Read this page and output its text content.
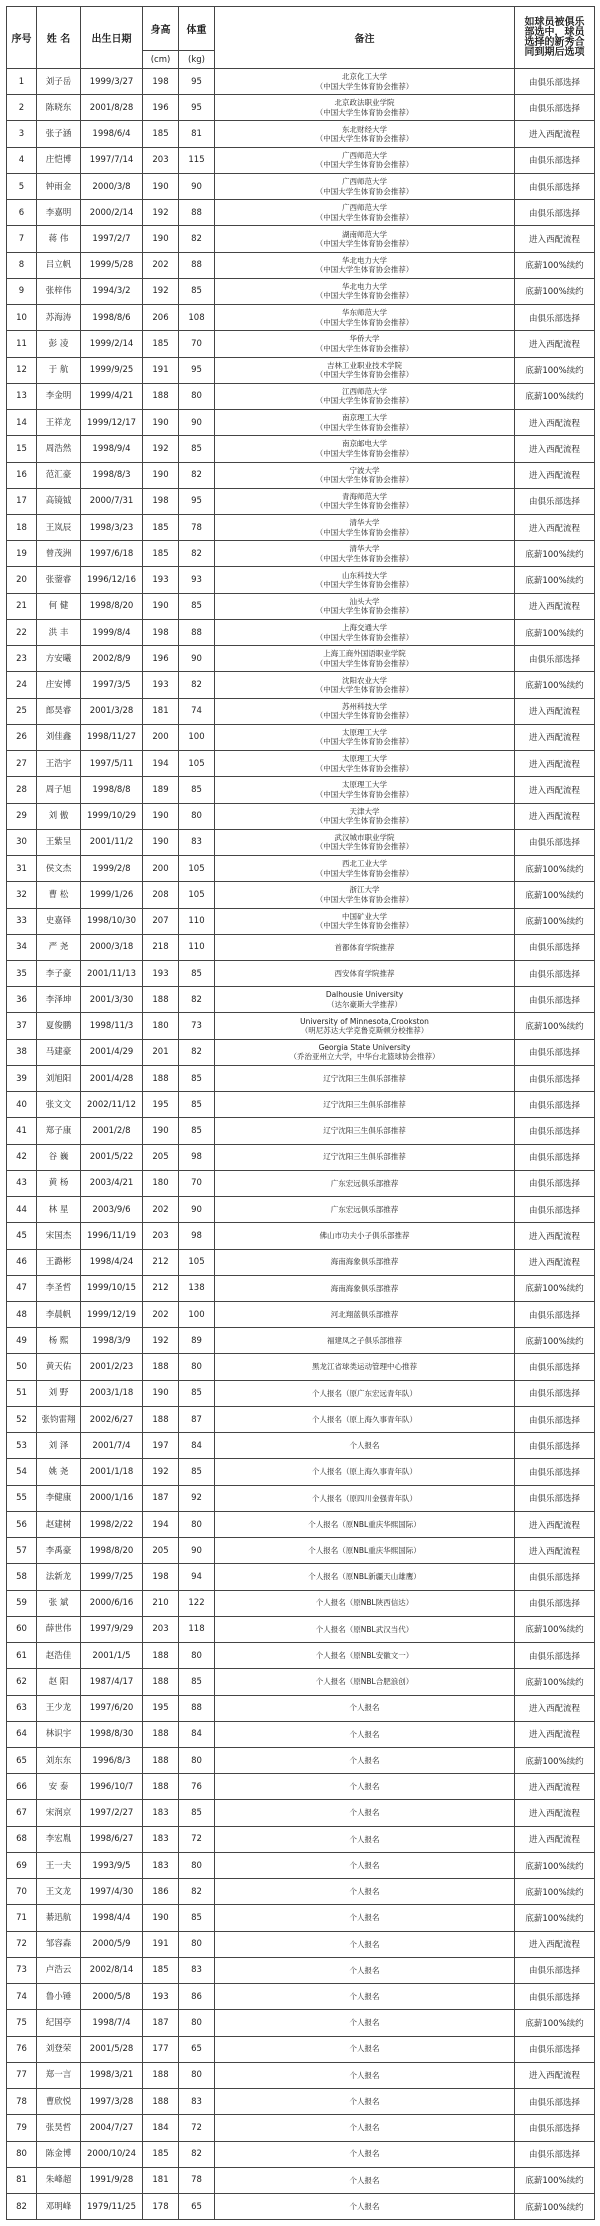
序号	姓 名	出生日期	身高	体重	备注	如球员被俱乐
部选中，球员
选择的新秀合
同到期后选项

			(cm)	(kg)		
1	刘子岳	1999/3/27	198	95	北京化工大学
（中国大学生体育协会推荐）	由俱乐部选择
2	陈晓东	2001/8/28	196	95	北京政法职业学院
（中国大学生体育协会推荐）	由俱乐部选择
3	张子涵	1998/6/4	185	81	东北财经大学
（中国大学生体育协会推荐）	进入西配流程
4	庄恺博	1997/7/14	203	115	广西师范大学
（中国大学生体育协会推荐）	由俱乐部选择
5	钟雨金	2000/3/8	190	90	广西师范大学
（中国大学生体育协会推荐）	由俱乐部选择
6	李嘉明	2000/2/14	192	88	广西师范大学
（中国大学生体育协会推荐）	由俱乐部选择
7	蒋 伟	1997/2/7	190	82	湖南师范大学
（中国大学生体育协会推荐）	进入西配流程
8	吕立帆	1999/5/28	202	88	华北电力大学
（中国大学生体育协会推荐）	底薪100%续约
9	张梓伟	1994/3/2	192	85	华北电力大学
（中国大学生体育协会推荐）	底薪100%续约
10	苏海涛	1998/8/6	206	108	华东师范大学
（中国大学生体育协会推荐）	由俱乐部选择
11	彭 凌	1999/2/14	185	70	华侨大学
（中国大学生体育协会推荐）	进入西配流程
12	于 航	1999/9/25	191	95	吉林工业职业技术学院
（中国大学生体育协会推荐）	底薪100%续约
13	李金明	1999/4/21	188	80	江西师范大学
（中国大学生体育协会推荐）	底薪100%续约
14	王祥龙	1999/12/17	190	90	南京理工大学
（中国大学生体育协会推荐）	进入西配流程
15	周浩然	1998/9/4	192	85	南京邮电大学
（中国大学生体育协会推荐）	进入西配流程
16	范汇豪	1998/8/3	190	82	宁波大学
（中国大学生体育协会推荐）	进入西配流程
17	高镜钺	2000/7/31	198	95	青海师范大学
（中国大学生体育协会推荐）	由俱乐部选择
18	王岚辰	1998/3/23	185	78	清华大学
（中国大学生体育协会推荐）	进入西配流程
19	曾茂洲	1997/6/18	185	82	清华大学
（中国大学生体育协会推荐）	底薪100%续约
20	张蓥睿	1996/12/16	193	93	山东科技大学
（中国大学生体育协会推荐）	底薪100%续约
21	何 健	1998/8/20	190	85	汕头大学
（中国大学生体育协会推荐）	进入西配流程
22	洪 丰	1999/8/4	198	88	上海交通大学
（中国大学生体育协会推荐）	底薪100%续约
23	方安曦	2002/8/9	196	90	上海工商外国语职业学院
（中国大学生体育协会推荐）	由俱乐部选择
24	庄安博	1997/3/5	193	82	沈阳农业大学
（中国大学生体育协会推荐）	底薪100%续约
25	郎昊睿	2001/3/28	181	74	苏州科技大学
（中国大学生体育协会推荐）	进入西配流程
26	刘佳鑫	1998/11/27	200	100	太原理工大学
（中国大学生体育协会推荐）	进入西配流程
27	王浩宇	1997/5/11	194	105	太原理工大学
（中国大学生体育协会推荐）	进入西配流程
28	周子旭	1998/8/8	189	85	太原理工大学
（中国大学生体育协会推荐）	进入西配流程
29	刘 傲	1999/10/29	190	80	天津大学
（中国大学生体育协会推荐）	进入西配流程
30	王紫呈	2001/11/2	190	83	武汉城市职业学院
（中国大学生体育协会推荐）	由俱乐部选择
31	侯文杰	1999/2/8	200	105	西北工业大学
（中国大学生体育协会推荐）	底薪100%续约
32	曹 松	1999/1/26	208	105	浙江大学
（中国大学生体育协会推荐）	底薪100%续约
33	史嘉铎	1998/10/30	207	110	中国矿业大学
（中国大学生体育协会推荐）	底薪100%续约
34	严 尧	2000/3/18	218	110	首都体育学院推荐	由俱乐部选择
35	李子豪	2001/11/13	193	85	西安体育学院推荐	由俱乐部选择
36	李泽坤	2001/3/30	188	82	Dalhousie University
（达尔豪斯大学推荐）	由俱乐部选择
37	夏俊鹏	1998/11/3	180	73	University of Minnesota,Crookston
（明尼苏达大学克鲁克斯顿分校推荐）	底薪100%续约
38	马建豪	2001/4/29	201	82	Georgia State University
（乔治亚州立大学，中华台北篮球协会推荐）	由俱乐部选择
39	刘旭阳	2001/4/28	188	85	辽宁沈阳三生俱乐部推荐	由俱乐部选择
40	张文文	2002/11/12	195	85	辽宁沈阳三生俱乐部推荐	由俱乐部选择
41	郑子康	2001/2/8	190	85	辽宁沈阳三生俱乐部推荐	由俱乐部选择
42	谷 巍	2001/5/22	205	98	辽宁沈阳三生俱乐部推荐	由俱乐部选择
43	黄 杨	2003/4/21	180	70	广东宏远俱乐部推荐	由俱乐部选择
44	林 星	2003/9/6	202	90	广东宏远俱乐部推荐	由俱乐部选择
45	宋国杰	1996/11/19	203	98	佛山市功夫小子俱乐部推荐	进入西配流程
46	王潞彬	1998/4/24	212	105	海南海象俱乐部推荐	进入西配流程
47	李圣哲	1999/10/15	212	138	海南海象俱乐部推荐	底薪100%续约
48	李晨帆	1999/12/19	202	100	河北翔蓝俱乐部推荐	由俱乐部选择
49	杨 熙	1998/3/9	192	89	福建凤之子俱乐部推荐	底薪100%续约
50	黄天佑	2001/2/23	188	80	黑龙江省球类运动管理中心推荐	由俱乐部选择
51	刘 野	2003/1/18	190	85	个人报名（原广东宏远青年队）	由俱乐部选择
52	张钧雷翔	2002/6/27	188	87	个人报名（原上海久事青年队）	由俱乐部选择
53	刘 泽	2001/7/4	197	84	个人报名	由俱乐部选择
54	姚 尧	2001/1/18	192	85	个人报名（原上海久事青年队）	由俱乐部选择
55	李健康	2000/1/16	187	92	个人报名（原四川金强青年队）	由俱乐部选择
56	赵建树	1998/2/22	194	80	个人报名（原NBL重庆华熙国际）	进入西配流程
57	李禹豪	1998/8/20	205	90	个人报名（原NBL重庆华熙国际）	进入西配流程
58	法新龙	1999/7/25	198	94	个人报名（原NBL新疆天山雄鹰）	由俱乐部选择
59	张 斌	2000/6/16	210	122	个人报名（原NBL陕西信达）	由俱乐部选择
60	薛世伟	1997/9/29	203	118	个人报名（原NBL武汉当代）	底薪100%续约
61	赵浩佳	2001/1/5	188	80	个人报名（原NBL安徽文一）	由俱乐部选择
62	赵 阳	1987/4/17	188	85	个人报名（原NBL合肥浪创）	底薪100%续约
63	王少龙	1997/6/20	195	88	个人报名	进入西配流程
64	林识宇	1998/8/30	188	84	个人报名	进入西配流程
65	刘东东	1996/8/3	188	80	个人报名	底薪100%续约
66	安 泰	1996/10/7	188	76	个人报名	进入西配流程
67	宋润京	1997/2/27	183	85	个人报名	进入西配流程
68	李宏胤	1998/6/27	183	72	个人报名	进入西配流程
69	王一夫	1993/9/5	183	80	个人报名	底薪100%续约
70	王文龙	1997/4/30	186	82	个人报名	底薪100%续约
71	綦迅航	1998/4/4	190	85	个人报名	底薪100%续约
72	邹容森	2000/5/9	191	80	个人报名	进入西配流程
73	卢浩云	2002/8/14	185	83	个人报名	由俱乐部选择
74	鲁小锤	2000/5/8	193	86	个人报名	由俱乐部选择
75	纪国亭	1998/7/4	187	80	个人报名	底薪100%续约
76	刘登荣	2001/5/28	177	65	个人报名	由俱乐部选择
77	郑一言	1998/3/21	188	80	个人报名	进入西配流程
78	曹欣悦	1997/3/28	188	83	个人报名	由俱乐部选择
79	张昊哲	2004/7/27	184	72	个人报名	由俱乐部选择
80	陈金博	2000/10/24	185	82	个人报名	由俱乐部选择
81	朱峰超	1991/9/28	181	78	个人报名	底薪100%续约
82	邓明峰	1979/11/25	178	65	个人报名	底薪100%续约
